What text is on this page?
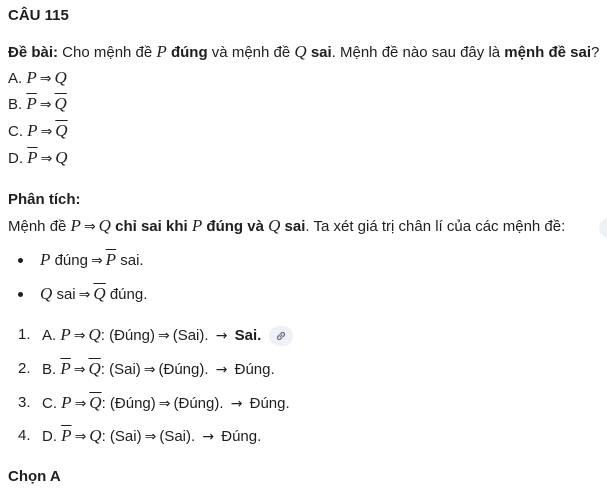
CÂU 115
Đề bài: Cho mệnh đề P đúng và mệnh đề Q sai. Mệnh đề nào sau đây là mệnh đề sai?
A. P ⇒ Q
B. $\overline{P}$ ⇒ $\overline{Q}$
C. P ⇒ $\overline{Q}$
D. $\overline{P}$ ⇒ Q
Phân tích:
Mệnh đề P ⇒ Q chỉ sai khi P đúng và Q sai. Ta xét giá trị chân lí của các mệnh đề:
P đúng ⇒ $\overline{P}$ sai.
Q sai ⇒ $\overline{Q}$ đúng.
1. A. P ⇒ Q: (Đúng) ⇒ (Sai). → Sai.
2. B. $\overline{P}$ ⇒ $\overline{Q}$: (Sai) ⇒ (Đúng). → Đúng.
3. C. P ⇒ $\overline{Q}$: (Đúng) ⇒ (Đúng). → Đúng.
4. D. $\overline{P}$ ⇒ Q: (Sai) ⇒ (Sai). → Đúng.
Chọn A
